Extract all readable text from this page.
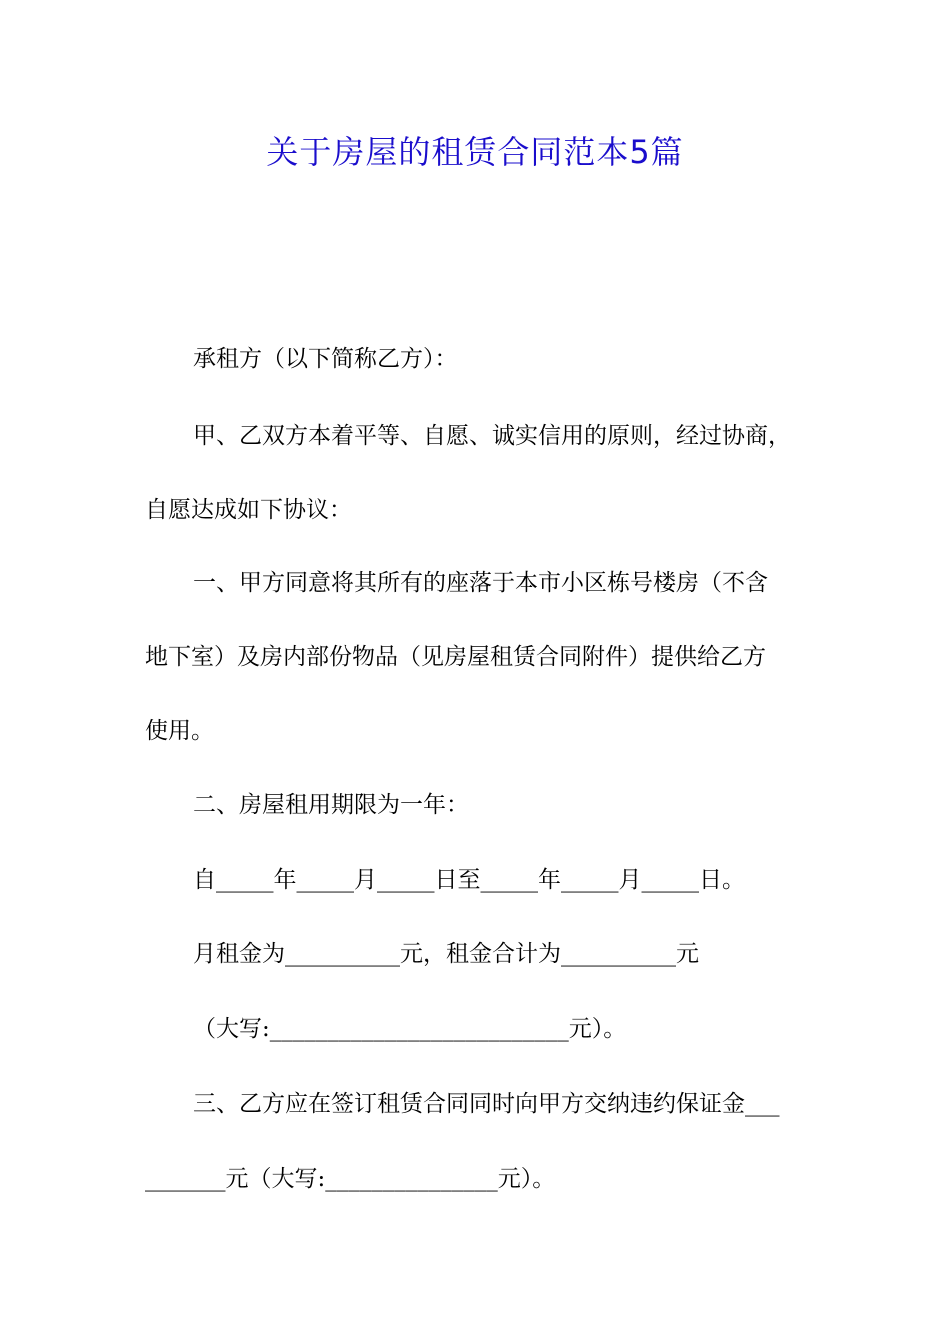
关于房屋的租赁合同范本5篇

承租方（以下简称乙方）：

甲、乙双方本着平等、自愿、诚实信用的原则，经过协商，

自愿达成如下协议：

一、甲方同意将其所有的座落于本市小区栋号楼房（不含

地下室）及房内部份物品（见房屋租赁合同附件）提供给乙方

使用。

二、房屋租用期限为一年：

自_____年_____月_____日至_____年_____月_____日。

月租金为__________元，租金合计为__________元

（大写:__________________________元）。

三、乙方应在签订租赁合同同时向甲方交纳违约保证金___

_______元（大写:_______________元）。
